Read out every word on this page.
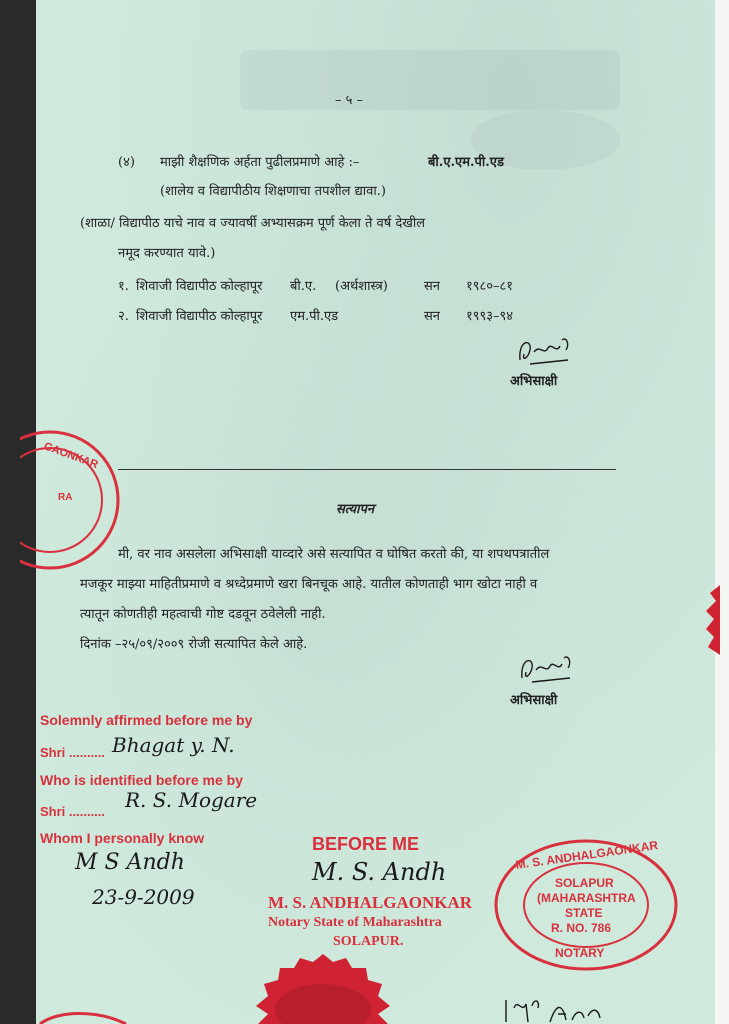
– ५ –
(४) माझी शैक्षणिक अर्हता पुढीलप्रमाणे आहे :–	बी.ए.एम.पी.एड
(शालेय व विद्यापीठीय शिक्षणाचा तपशील द्यावा.)
(शाळा/ विद्यापीठ याचे नाव व ज्यावर्षी अभ्यासक्रम पूर्ण केला ते वर्ष देखील
नमूद करण्यात यावे.)
१. शिवाजी विद्यापीठ कोल्हापूर बी.ए. (अर्थशास्त्र)	सन १९८०–८१
२. शिवाजी विद्यापीठ कोल्हापूर एम.पी.एड	सन १९९३–९४
अभिसाक्षी
GAONKAR
RA
सत्यापन
मी, वर नाव असलेला अभिसाक्षी याव्दारे असे सत्यापित व घोषित करतो की, या शपथपत्रातील
मजकूर माझ्या माहितीप्रमाणे व श्रध्देप्रमाणे खरा बिनचूक आहे. यातील कोणताही भाग खोटा नाही व
त्यातून कोणतीही महत्वाची गोष्ट दडवून ठवेलेली नाही.
दिनांक –२५/०९/२००९ रोजी सत्यापित केले आहे.
अभिसाक्षी
Solemnly affirmed before me by
Shri .......... Bhagat y. N.
Who is identified before me by
Shri .......... R. S. Mogare
Whom I personally know
M S Andh
23-9-2009
BEFORE ME
M. S. Andh
M. S. ANDHALGAONKAR
Notary State of Maharashtra
SOLAPUR.
M. S. ANDHALGAONKAR
SOLAPUR
(MAHARASHTRA
STATE
R. NO. 786
NOTARY
